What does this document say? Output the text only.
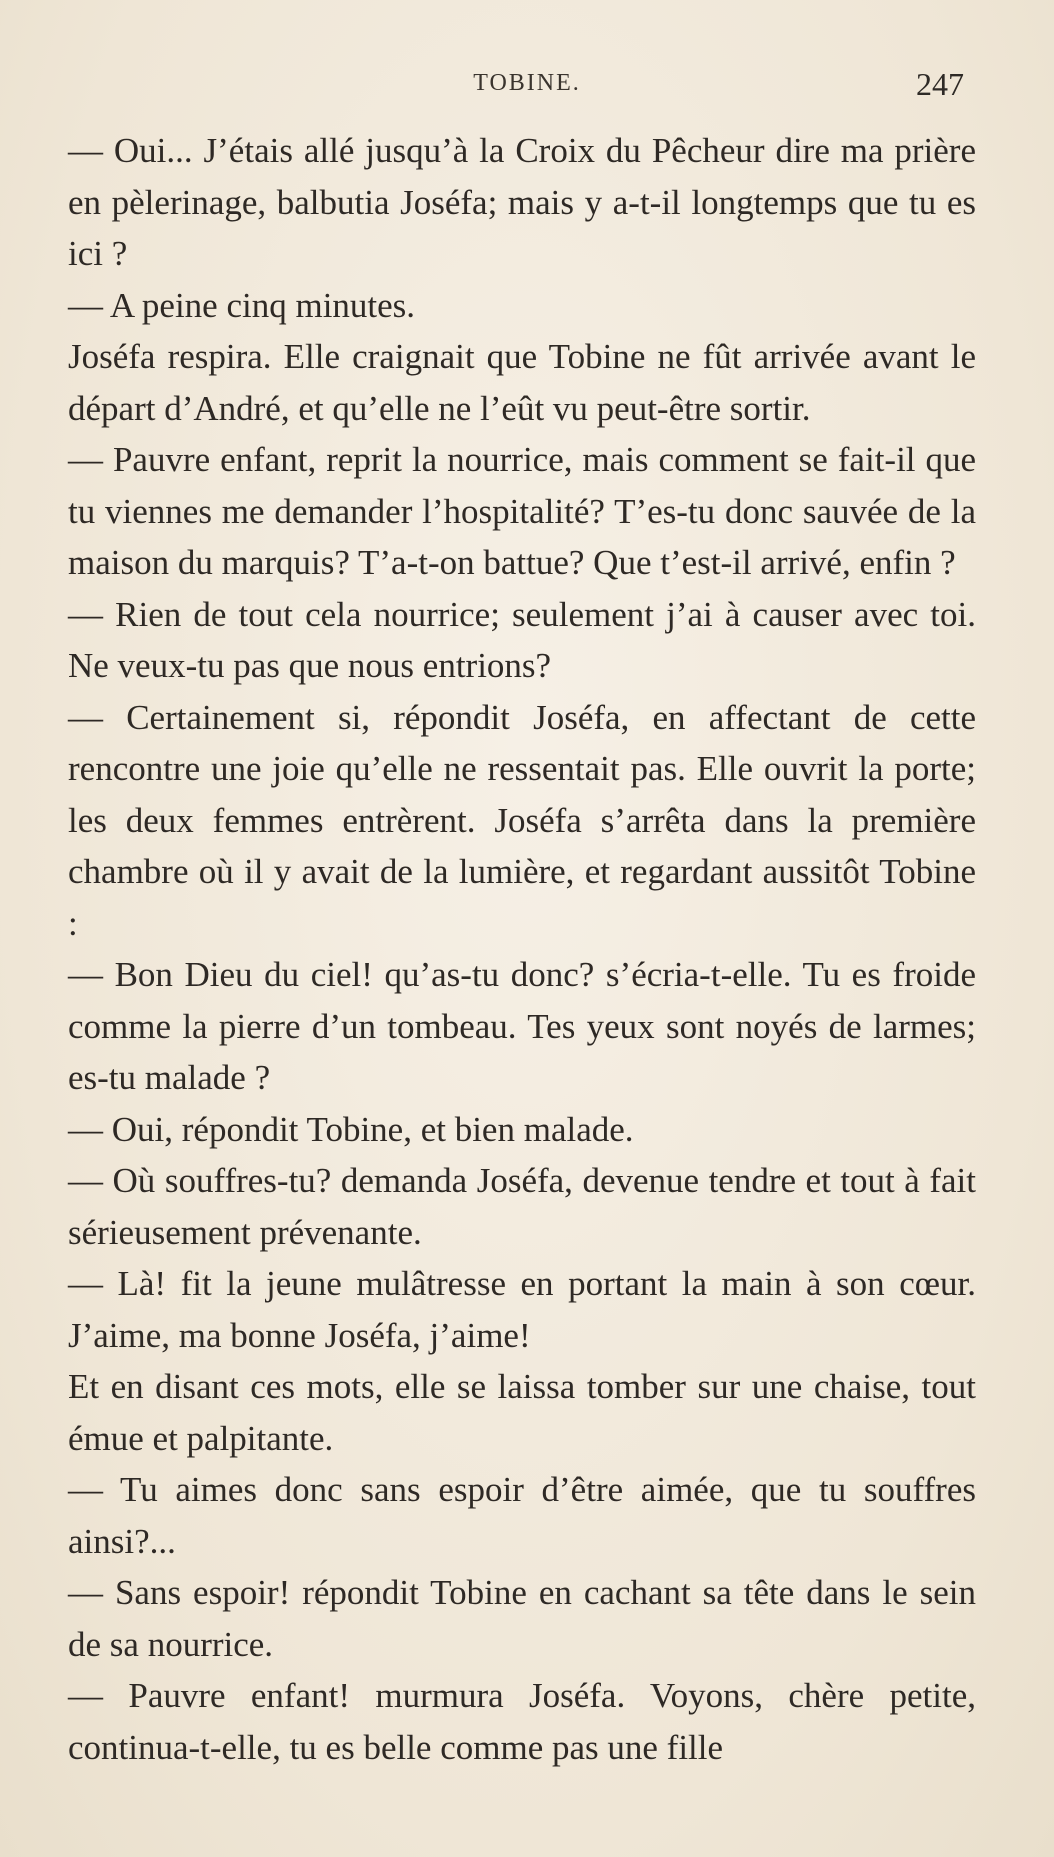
TOBINE.	247

— Oui... J’étais allé jusqu’à la Croix du Pêcheur dire ma prière en pèlerinage, balbutia Joséfa; mais y a-t-il longtemps que tu es ici ?

— A peine cinq minutes.

Joséfa respira. Elle craignait que Tobine ne fût arrivée avant le départ d’André, et qu’elle ne l’eût vu peut-être sortir.

— Pauvre enfant, reprit la nourrice, mais comment se fait-il que tu viennes me demander l’hospitalité? T’es-tu donc sauvée de la maison du marquis? T’a-t-on battue? Que t’est-il arrivé, enfin ?

— Rien de tout cela nourrice; seulement j’ai à causer avec toi. Ne veux-tu pas que nous entrions?

— Certainement si, répondit Joséfa, en affectant de cette rencontre une joie qu’elle ne ressentait pas. Elle ouvrit la porte; les deux femmes entrèrent. Joséfa s’arrêta dans la première chambre où il y avait de la lumière, et regardant aussitôt Tobine :

— Bon Dieu du ciel! qu’as-tu donc? s’écria-t-elle. Tu es froide comme la pierre d’un tombeau. Tes yeux sont noyés de larmes; es-tu malade ?

— Oui, répondit Tobine, et bien malade.

— Où souffres-tu? demanda Joséfa, devenue tendre et tout à fait sérieusement prévenante.

— Là! fit la jeune mulâtresse en portant la main à son cœur. J’aime, ma bonne Joséfa, j’aime!

Et en disant ces mots, elle se laissa tomber sur une chaise, tout émue et palpitante.

— Tu aimes donc sans espoir d’être aimée, que tu souffres ainsi?...

— Sans espoir! répondit Tobine en cachant sa tête dans le sein de sa nourrice.

— Pauvre enfant! murmura Joséfa. Voyons, chère petite, continua-t-elle, tu es belle comme pas une fille
